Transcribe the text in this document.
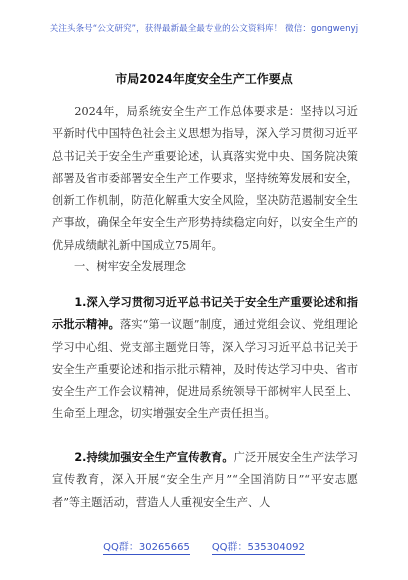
关注头条号“公文研究”，获得最新最全最专业的公文资料库！ 微信：gongwenyj
市局2024年度安全生产工作要点
2024年，局系统安全生产工作总体要求是：坚持以习近平新时代中国特色社会主义思想为指导，深入学习贯彻习近平总书记关于安全生产重要论述，认真落实党中央、国务院决策部署及省市委部署安全生产工作要求，坚持统筹发展和安全，创新工作机制，防范化解重大安全风险，坚决防范遏制安全生产事故，确保全年安全生产形势持续稳定向好，以安全生产的优异成绩献礼新中国成立75周年。
一、树牢安全发展理念
1.深入学习贯彻习近平总书记关于安全生产重要论述和指示批示精神。落实“第一议题”制度，通过党组会议、党组理论学习中心组、党支部主题党日等，深入学习习近平总书记关于安全生产重要论述和指示批示精神，及时传达学习中央、省市安全生产工作会议精神，促进局系统领导干部树牢人民至上、生命至上理念，切实增强安全生产责任担当。
2.持续加强安全生产宣传教育。广泛开展安全生产法学习宣传教育，深入开展“安全生产月”“全国消防日”“平安志愿者”等主题活动，营造人人重视安全生产、人
QQ群：30265665 QQ群：535304092
